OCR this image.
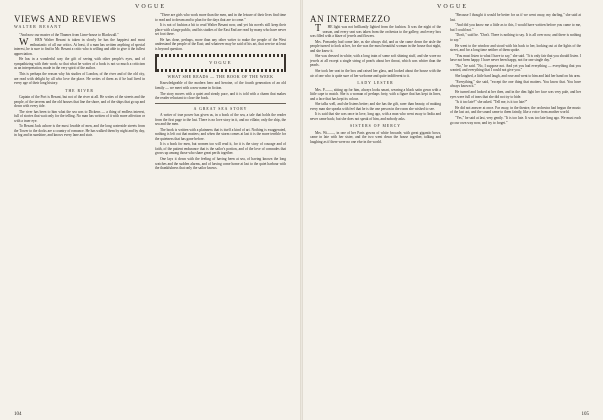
VOGUE
VIEWS AND REVIEWS
WALTER BESANT

"And now our master of the Thames from Lime-house to Blackwall."

WHEN Walter Besant is taken in slowly he has the happiest and most enthusiastic of all our critics. At least, if a man has written anything of special interest, he is sure to find in Mr. Besant a critic who is willing and able to give it the fullest appreciation.

He has in a wonderful way the gift of seeing with other people's eyes, and of sympathizing with their work; so that what he writes of a book is not so much a criticism as an interpretation, made in the very spirit of the author.

This is perhaps the reason why his studies of London, of the river and of the old city, are read with delight by all who love the place. He writes of them as if he had lived in every age of their long history.

THE RIVER

Captain of the Port is Besant, but not of the river at all. He writes of the streets and the people, of the taverns and the old houses that line the shore, and of the ships that go up and down with every tide.

The river has been to him what the sea was to Dickens — a thing of endless interest, full of stories that wait only for the telling. No man has written of it with more affection or with a truer eye.

To Besant Jack ashore is the most lovable of men, and the long waterside streets from the Tower to the docks are a country of romance. He has walked them by night and by day, in fog and in sunshine, and knows every lane and stair.

"There are girls who work more than the men, and in the leisure of their lives find time to read and to dream and to plan for the days that are to come."

It is not of fashion a bit to read Walter Besant now, and yet his novels still keep their place with a large public, and his studies of the East End are read by many who have never set foot there.

He has done, perhaps, more than any other writer to make the people of the West understand the people of the East; and whatever may be said of his art, that service at least is beyond question.

VOGUE
WHAT SHE READS — THE BOOK OF THE WEEK

Knowledgeable of the modern hero and heroine, of the fourth generation of an old family — we meet with a new name in fiction.

The story moves with a quiet and steady pace, and it is told with a charm that makes the reader reluctant to close the book.

A GREAT SEA STORY

A writer of true power has given us, in a book of the sea, a tale that holds the reader from the first page to the last. There is no love story in it, and no villain; only the ship, the sea and the men.

The book is written with a plainness that is itself a kind of art. Nothing is exaggerated, nothing is left out that matters; and when the storm comes at last it is the more terrible for the quietness that has gone before.

It is a book for men, but women too will read it, for it is the story of courage and of faith, of the patient endurance that is the sailor's portion, and of the love of comrades that grows up among those who share great perils together.

One lays it down with the feeling of having been at sea, of having known the long watches and the sudden alarms, and of having come home at last to the quiet harbour with the thankfulness that only the sailor knows.

104
VOGUE
AN INTERMEZZO

THE light was not brilliantly lighted from the fashion. It was the night of the season, and every seat was taken from the orchestra to the gallery, and every box was filled with a blaze of jewels and flowers.

Mrs. Ponsonby had come late, as she always did, and as she came down the aisle the people turned to look at her, for she was the most beautiful woman in the house that night, and she knew it.

She was dressed in white, with a long train of some soft shining stuff, and she wore no jewels at all except a single string of pearls about her throat, which was whiter than the pearls.

She took her seat in the box and raised her glass, and looked about the house with the air of one who is quite sure of her welcome and quite indifferent to it.

LADY LESTER

Mrs. P——, sitting up for him, always looks smart, wearing a black satin gown with a little cape to match. She is a woman of perhaps forty, with a figure that has kept its lines, and a face that has kept its colour.

She talks well, and she listens better; and she has the gift, rarer than beauty, of making every man she speaks with feel that he is the one person in the room she wished to see.

It is said that she was once in love, long ago, with a man who went away to India and never came back; but she does not speak of him, and nobody asks.

SISTERS OF MERCY

Mrs. Wi——, in one of her Paris gowns of white brocade, with great gigantic bows, came in late with her sister, and the two went down the house together, talking and laughing as if there were no one else in the world.

"Because I thought it would be better for us if we went away, my darling," she said at last.

"And did you know me a little as to this, I would have written before you came to me, but I could not."

"Don't," said he. "Don't. There is nothing to say. It is all over now, and there is nothing to say."

He went to the window and stood with his back to her, looking out at the lights of the street, and for a long time neither of them spoke.

"You must listen to what I have to say," she said. "It is only fair that you should listen. I have not been happy. I have never been happy, not for one single day."

"No," he said. "No, I suppose not. And yet you had everything — everything that you wanted, and everything that I could not give you."

She laughed, a little hard laugh, and rose and went to him and laid her hand on his arm.

"Everything," she said, "except the one thing that matters. You know that. You have always known it."

He turned and looked at her then, and in the dim light her face was very pale, and her eyes were full of tears that she did not try to hide.

"Is it too late?" she asked. "Tell me, is it too late?"

He did not answer at once. Far away, in the theatre, the orchestra had begun the music of the last act, and the sound came to them faintly, like a voice from another world.

"Yes," he said at last, very gently. "It is too late. It was too late long ago. We must each go our own way now, and try to forget."

105
